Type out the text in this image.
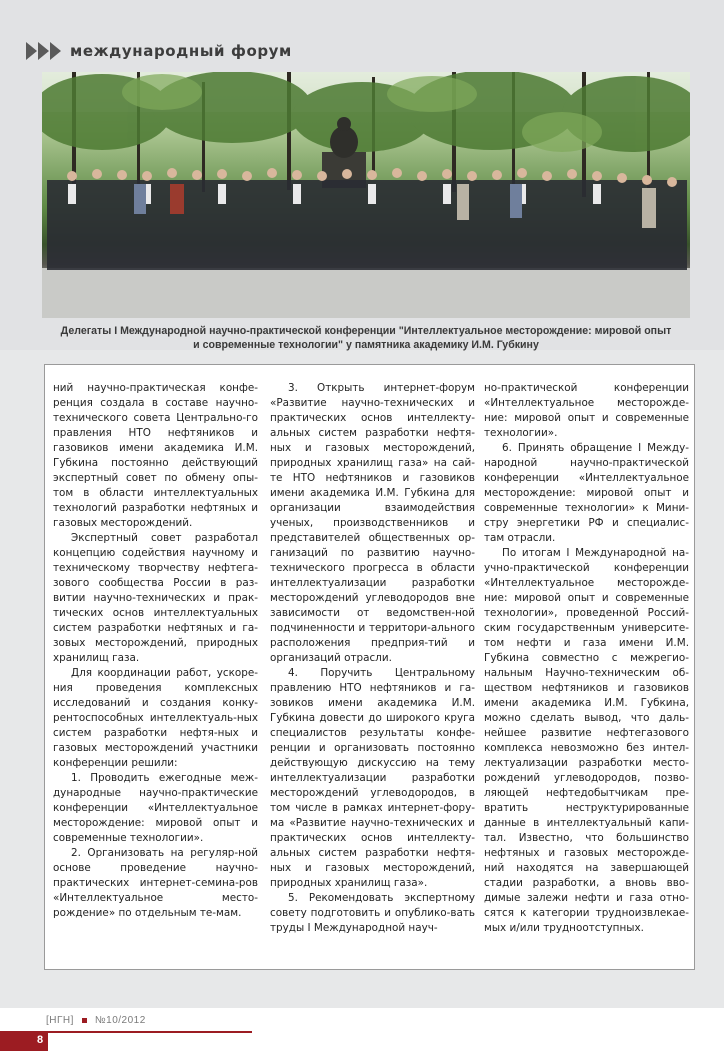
международный форум
Делегаты I Международной научно-практической конференции "Интеллектуальное месторождение: мировой опыт
и современные технологии" у памятника академику И.М. Губкину

ний научно-практическая конфе-ренция создала в составе научно-технического совета Центрально-го правления НТО нефтяников и газовиков имени академика И.М. Губкина постоянно действующий экспертный совет по обмену опы-том в области интеллектуальных технологий разработки нефтяных и газовых месторождений.

Экспертный совет разработал концепцию содействия научному и техническому творчеству нефтега-зового сообщества России в раз-витии научно-технических и прак-тических основ интеллектуальных систем разработки нефтяных и га-зовых месторождений, природных хранилищ газа.

Для координации работ, ускоре-ния проведения комплексных исследований и создания конку-рентоспособных интеллектуаль-ных систем разработки нефтя-ных и газовых месторождений участники конференции решили:

1. Проводить ежегодные меж-дународные научно-практические конференции «Интеллектуальное месторождение: мировой опыт и современные технологии».

2. Организовать на регуляр-ной основе проведение научно-практических интернет-семина-ров «Интеллектуальное место-рождение» по отдельным те-мам.

3. Открыть интернет-форум «Развитие научно-технических и практических основ интеллекту-альных систем разработки нефтя-ных и газовых месторождений, природных хранилищ газа» на сай-те НТО нефтяников и газовиков имени академика И.М. Губкина для организации взаимодействия ученых, производственников и представителей общественных ор-ганизаций по развитию научно-технического прогресса в области интеллектуализации разработки месторождений углеводородов вне зависимости от ведомствен-ной подчиненности и территори-ального расположения предприя-тий и организаций отрасли.

4. Поручить Центральному правлению НТО нефтяников и га-зовиков имени академика И.М. Губкина довести до широкого круга специалистов результаты конфе-ренции и организовать постоянно действующую дискуссию на тему интеллектуализации разработки месторождений углеводородов, в том числе в рамках интернет-фору-ма «Развитие научно-технических и практических основ интеллекту-альных систем разработки нефтя-ных и газовых месторождений, природных хранилищ газа».

5. Рекомендовать экспертному совету подготовить и опублико-вать труды I Международной науч-

но-практической конференции «Интеллектуальное месторожде-ние: мировой опыт и современные технологии».

6. Принять обращение I Между-народной научно-практической конференции «Интеллектуальное месторождение: мировой опыт и современные технологии» к Мини-стру энергетики РФ и специалис-там отрасли.

По итогам I Международной на-учно-практической конференции «Интеллектуальное месторожде-ние: мировой опыт и современные технологии», проведенной Россий-ским государственным университе-том нефти и газа имени И.М. Губкина совместно с межрегио-нальным Научно-техническим об-ществом нефтяников и газовиков имени академика И.М. Губкина, можно сделать вывод, что даль-нейшее развитие нефтегазового комплекса невозможно без интел-лектуализации разработки место-рождений углеводородов, позво-ляющей нефтедобытчикам пре-вратить неструктурированные данные в интеллектуальный капи-тал. Известно, что большинство нефтяных и газовых месторожде-ний находятся на завершающей стадии разработки, а вновь вво-димые залежи нефти и газа отно-сятся к категории трудноизвлекае-мых и/или трудноотступных.

[НГН] №10/2012
8
